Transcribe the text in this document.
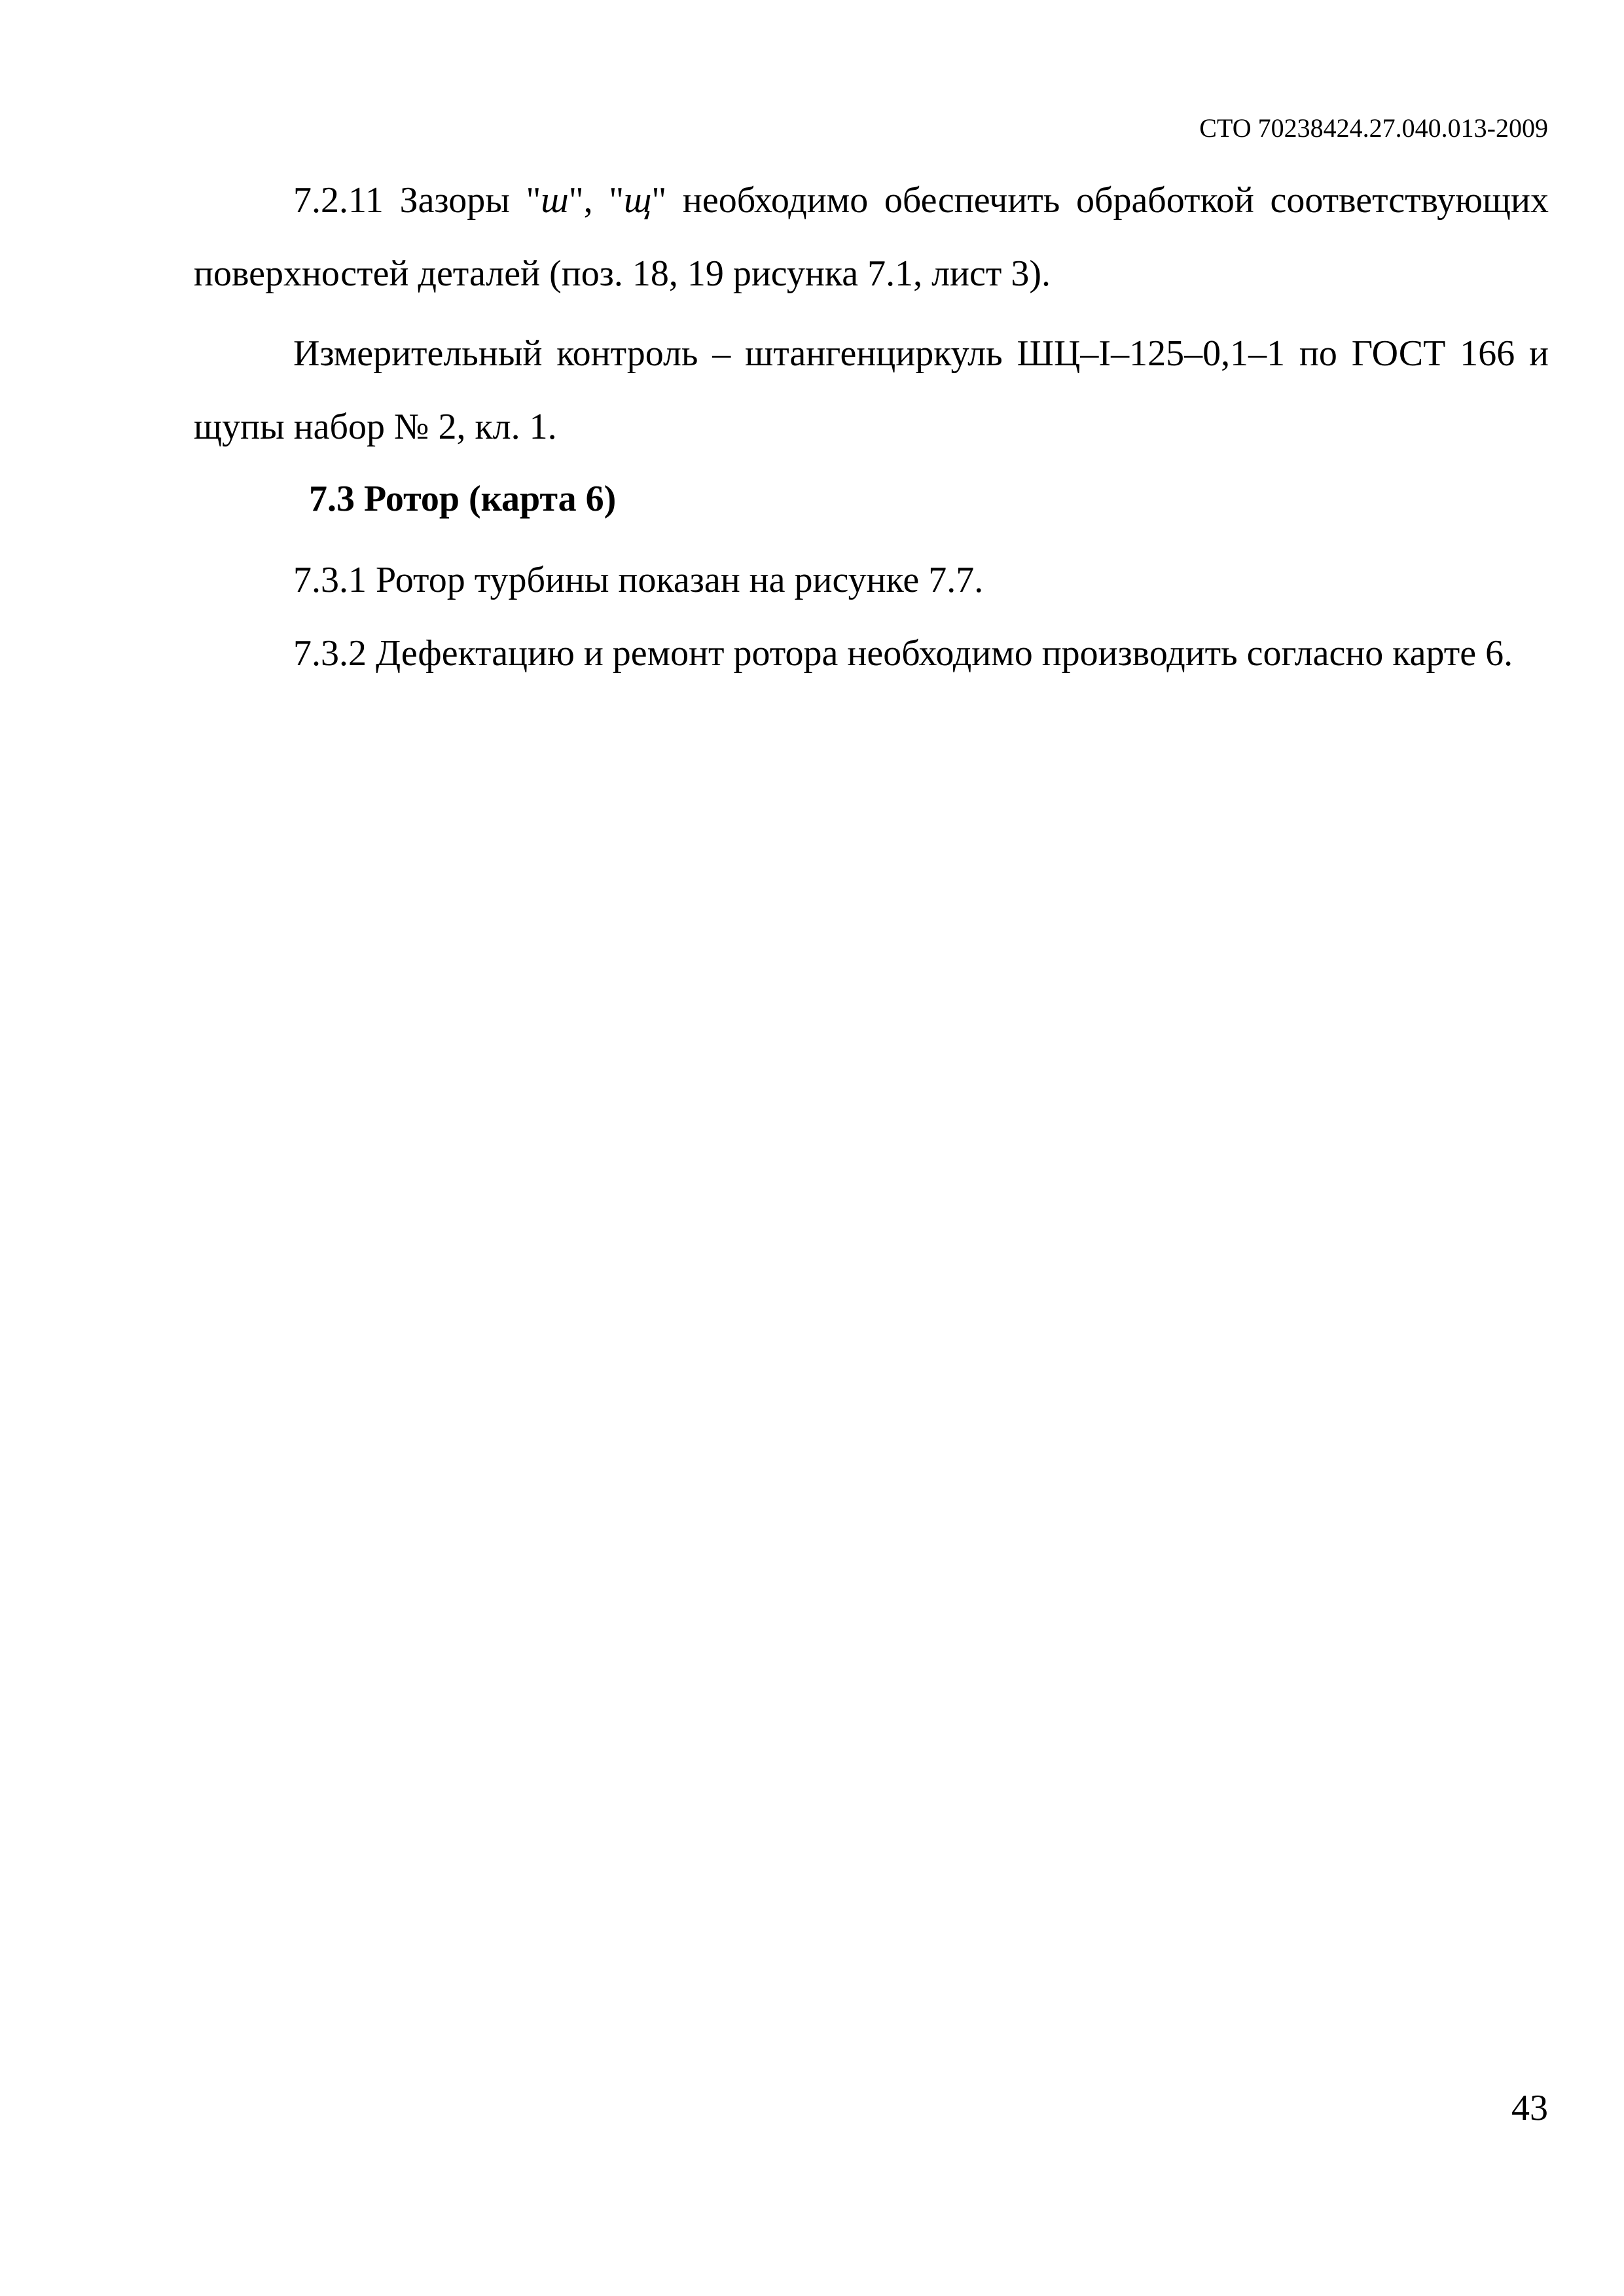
СТО 70238424.27.040.013-2009

7.2.11 Зазоры "ш", "щ" необходимо обеспечить обработкой соответствующих поверхностей деталей (поз. 18, 19 рисунка 7.1, лист 3).

Измерительный контроль – штангенциркуль ШЦ–I–125–0,1–1 по ГОСТ 166 и щупы набор № 2, кл. 1.

7.3 Ротор (карта 6)

7.3.1 Ротор турбины показан на рисунке 7.7.

7.3.2 Дефектацию и ремонт ротора необходимо производить согласно карте 6.

43
